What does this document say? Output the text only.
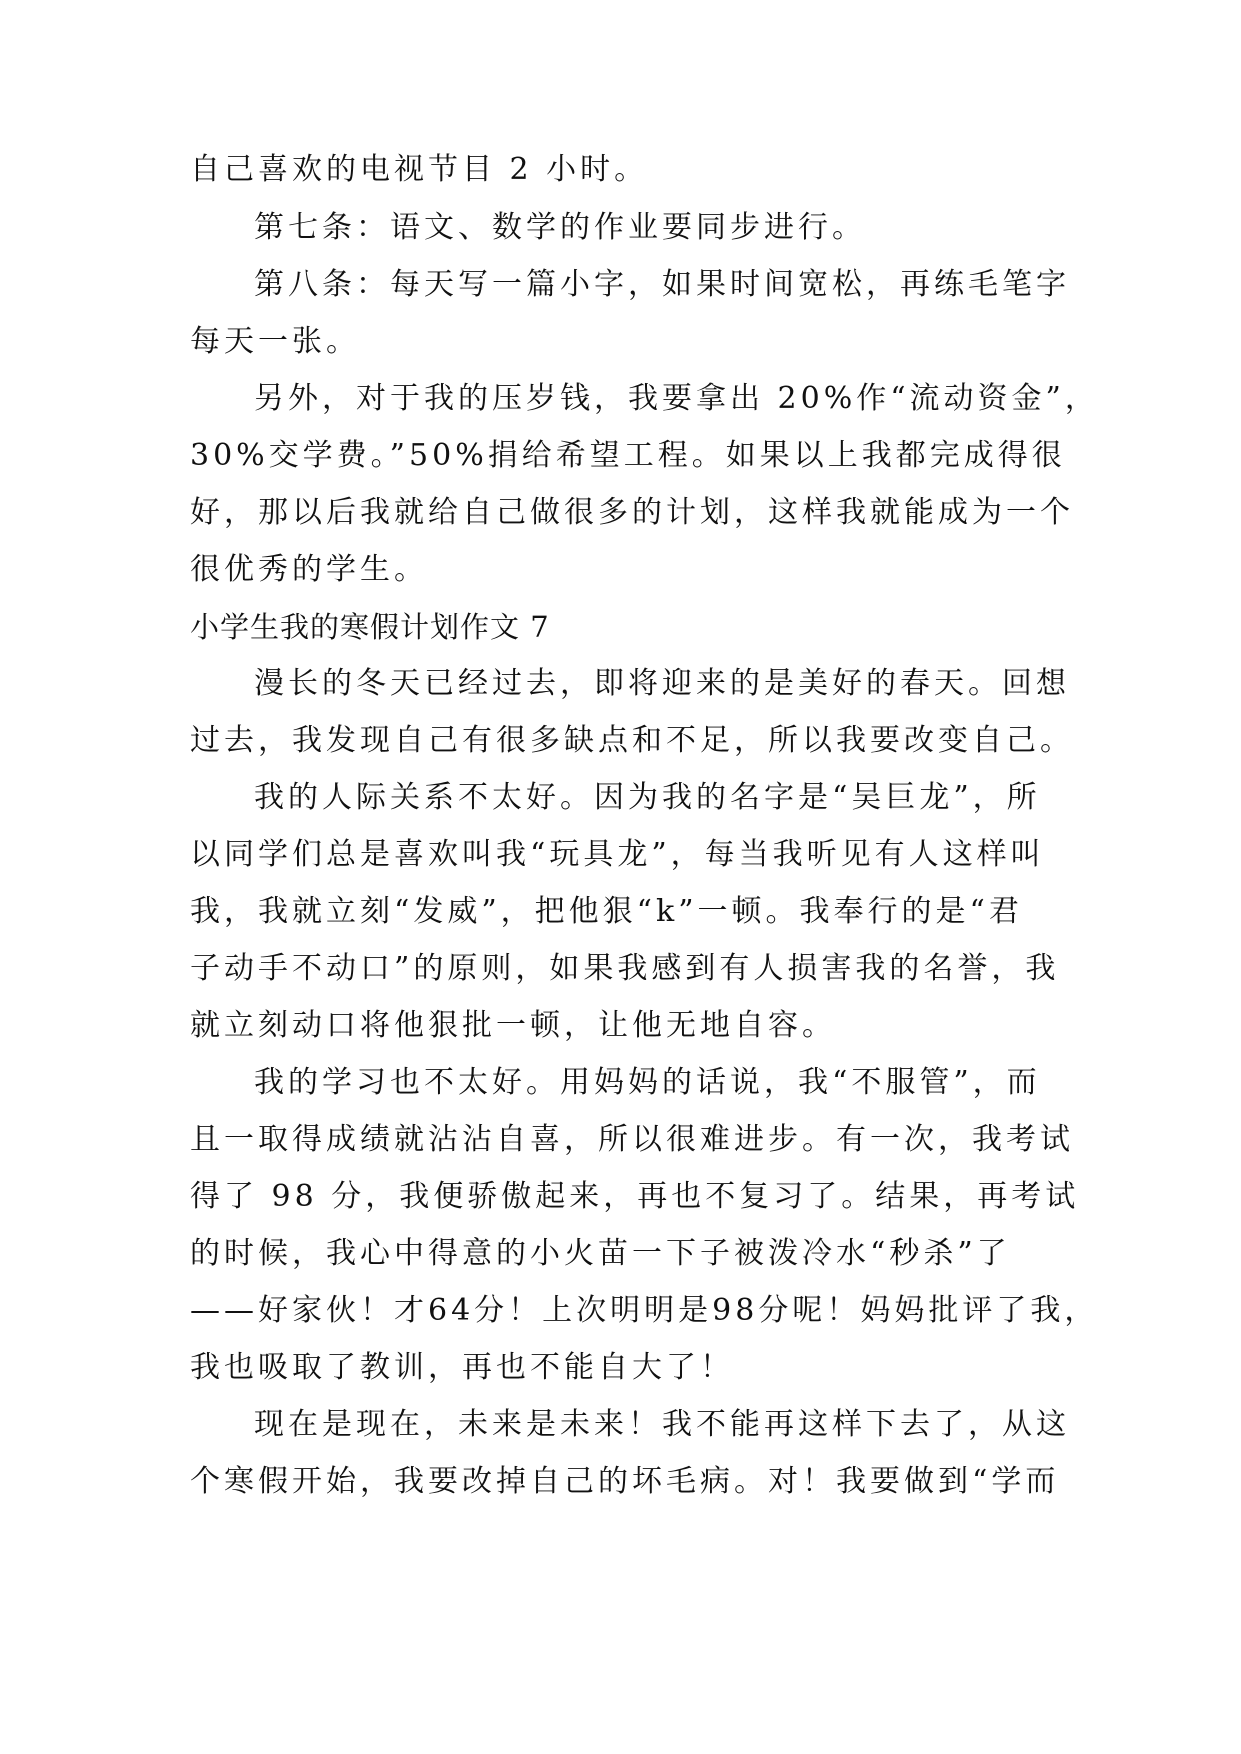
自己喜欢的电视节目 2 小时。
第七条：语文、数学的作业要同步进行。
第八条：每天写一篇小字，如果时间宽松，再练毛笔字
每天一张。
另外，对于我的压岁钱，我要拿出 20%作“流动资金”，
30%交学费。”50%捐给希望工程。如果以上我都完成得很
好，那以后我就给自己做很多的计划，这样我就能成为一个
很优秀的学生。
小学生我的寒假计划作文 7
漫长的冬天已经过去，即将迎来的是美好的春天。回想
过去，我发现自己有很多缺点和不足，所以我要改变自己。
我的人际关系不太好。因为我的名字是“吴巨龙”，所
以同学们总是喜欢叫我“玩具龙”，每当我听见有人这样叫
我，我就立刻“发威”，把他狠“k”一顿。我奉行的是“君
子动手不动口”的原则，如果我感到有人损害我的名誉，我
就立刻动口将他狠批一顿，让他无地自容。
我的学习也不太好。用妈妈的话说，我“不服管”，而
且一取得成绩就沾沾自喜，所以很难进步。有一次，我考试
得了 98 分，我便骄傲起来，再也不复习了。结果，再考试
的时候，我心中得意的小火苗一下子被泼冷水“秒杀”了
——好家伙！才64分！上次明明是98分呢！妈妈批评了我，
我也吸取了教训，再也不能自大了！
现在是现在，未来是未来！我不能再这样下去了，从这
个寒假开始，我要改掉自己的坏毛病。对！我要做到“学而
